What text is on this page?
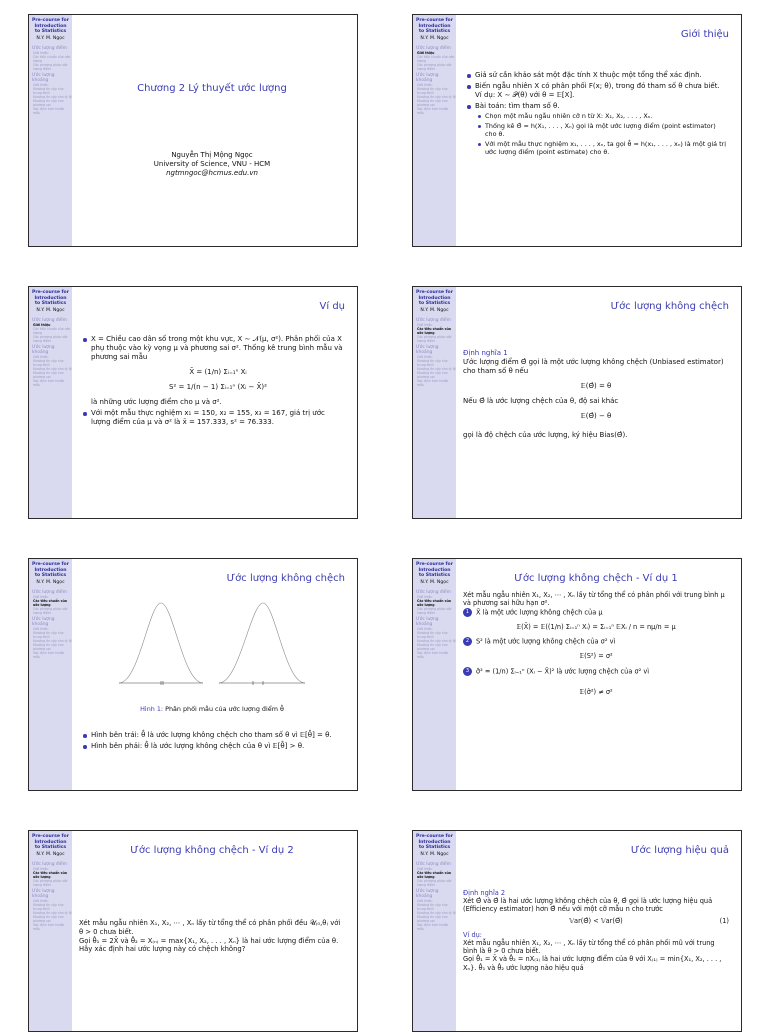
Pre-course for
Introduction
to Statistics
N.Y. M. Ngọc
Ước lượng điểm
Giới thiệu
Các tiêu chuẩn của ước lượng
Các phương pháp ước lượng điểm
Ước lượng khoảng
Giới thiệu
Khoảng tin cậy cho trung bình
Khoảng tin cậy cho tỷ lệ
Khoảng tin cậy cho phương sai
Xác định kích thước mẫu
Chương 2 Lý thuyết ước lượng
Nguyễn Thị Mộng Ngọc
University of Science, VNU - HCM
ngtmngoc@hcmus.edu.vn
Pre-course for
Introduction
to Statistics
N.Y. M. Ngọc
Ước lượng điểm
Giới thiệu
Các tiêu chuẩn của ước lượng
Các phương pháp ước lượng điểm
Ước lượng khoảng
Giới thiệu
Khoảng tin cậy cho trung bình
Khoảng tin cậy cho tỷ lệ
Khoảng tin cậy cho phương sai
Xác định kích thước mẫu
Giới thiệu
Giả sử cần khảo sát một đặc tính X thuộc một tổng thể xác định.
Biến ngẫu nhiên X có phân phối F(x; θ), trong đó tham số θ chưa biết.
Ví dụ: X ∼ 𝒫(θ) với θ = 𝔼[X].
Bài toán: tìm tham số θ.
Chọn một mẫu ngẫu nhiên cỡ n từ X: X₁, X₂, . . . , Xₙ.
Thống kê Θ̂ = h(X₁, . . . , Xₙ) gọi là một ước lượng điểm (point estimator) cho θ.
Với một mẫu thực nghiệm x₁, . . . , xₙ, ta gọi θ̂ = h(x₁, . . . , xₙ) là một giá trị ước lượng điểm (point estimate) cho θ.
Pre-course for
Introduction
to Statistics
N.Y. M. Ngọc
Ước lượng điểm
Giới thiệu
Các tiêu chuẩn của ước lượng
Các phương pháp ước lượng điểm
Ước lượng khoảng
Giới thiệu
Khoảng tin cậy cho trung bình
Khoảng tin cậy cho tỷ lệ
Khoảng tin cậy cho phương sai
Xác định kích thước mẫu
Ví dụ
X = Chiều cao dân số trong một khu vực, X ∼ 𝒩(μ, σ²). Phân phối của X phụ thuộc vào kỳ vọng μ và phương sai σ². Thống kê trung bình mẫu và phương sai mẫu
X̄ = (1/n) Σᵢ₌₁ⁿ Xᵢ
S² = 1/(n − 1) Σᵢ₌₁ⁿ (Xᵢ − X̄)²
là những ước lượng điểm cho μ và σ².
Với một mẫu thực nghiệm x₁ = 150, x₂ = 155, x₃ = 167, giá trị ước lượng điểm của μ và σ² là x̄ = 157.333, s² = 76.333.
Pre-course for
Introduction
to Statistics
N.Y. M. Ngọc
Ước lượng điểm
Giới thiệu
Các tiêu chuẩn của ước lượng
Các phương pháp ước lượng điểm
Ước lượng khoảng
Giới thiệu
Khoảng tin cậy cho trung bình
Khoảng tin cậy cho tỷ lệ
Khoảng tin cậy cho phương sai
Xác định kích thước mẫu
Ước lượng không chệch
Định nghĩa 1
Ước lượng điểm Θ̂ gọi là một ước lượng không chệch (Unbiased estimator) cho tham số θ nếu
𝔼(Θ̂) = θ
Nếu Θ̂ là ước lượng chệch của θ, độ sai khác
𝔼(Θ̂) − θ
gọi là độ chệch của ước lượng, ký hiệu Bias(Θ̂).
Pre-course for
Introduction
to Statistics
N.Y. M. Ngọc
Ước lượng điểm
Giới thiệu
Các tiêu chuẩn của ước lượng
Các phương pháp ước lượng điểm
Ước lượng khoảng
Giới thiệu
Khoảng tin cậy cho trung bình
Khoảng tin cậy cho tỷ lệ
Khoảng tin cậy cho phương sai
Xác định kích thước mẫu
Ước lượng không chệch
Hình 1: Phân phối mẫu của ước lượng điểm θ̂
Hình bên trái: θ̂ là ước lượng không chệch cho tham số θ vì 𝔼[θ̂] = θ.
Hình bên phải: θ̂ là ước lượng không chệch của θ vì 𝔼[θ̂] > θ.
Pre-course for
Introduction
to Statistics
N.Y. M. Ngọc
Ước lượng điểm
Giới thiệu
Các tiêu chuẩn của ước lượng
Các phương pháp ước lượng điểm
Ước lượng khoảng
Giới thiệu
Khoảng tin cậy cho trung bình
Khoảng tin cậy cho tỷ lệ
Khoảng tin cậy cho phương sai
Xác định kích thước mẫu
Ước lượng không chệch - Ví dụ 1
Xét mẫu ngẫu nhiên X₁, X₂, ⋯ , Xₙ lấy từ tổng thể có phân phối với trung bình μ và phương sai hữu hạn σ².
1 X̄ là một ước lượng không chệch của μ
𝔼(X̄) = 𝔼((1/n) Σᵢ₌₁ⁿ Xᵢ) = Σᵢ₌₁ⁿ 𝔼Xᵢ / n = nμ/n = μ
2 S² là một ước lượng không chệch của σ² vì
𝔼(S²) = σ²
3 σ̂² = (1/n) Σᵢ₌₁ⁿ (Xᵢ − X̄)² là ước lượng chệch của σ² vì
𝔼(σ̂²) ≠ σ²
Pre-course for
Introduction
to Statistics
N.Y. M. Ngọc
Ước lượng điểm
Giới thiệu
Các tiêu chuẩn của ước lượng
Các phương pháp ước lượng điểm
Ước lượng khoảng
Giới thiệu
Khoảng tin cậy cho trung bình
Khoảng tin cậy cho tỷ lệ
Khoảng tin cậy cho phương sai
Xác định kích thước mẫu
Ước lượng không chệch - Ví dụ 2
Xét mẫu ngẫu nhiên X₁, X₂, ⋯ , Xₙ lấy từ tổng thể có phân phối đều 𝒰₍₀,θ₎ với θ > 0 chưa biết.
Gọi θ̂₁ = 2X̄ và θ̂₂ = X₍ₙ₎ = max{X₁, X₂, . . . , Xₙ} là hai ước lượng điểm của θ. Hãy xác định hai ước lượng này có chệch không?
Pre-course for
Introduction
to Statistics
N.Y. M. Ngọc
Ước lượng điểm
Giới thiệu
Các tiêu chuẩn của ước lượng
Các phương pháp ước lượng điểm
Ước lượng khoảng
Giới thiệu
Khoảng tin cậy cho trung bình
Khoảng tin cậy cho tỷ lệ
Khoảng tin cậy cho phương sai
Xác định kích thước mẫu
Ước lượng hiệu quả
Định nghĩa 2
Xét Θ̂ và Θ̃ là hai ước lượng không chệch của θ, Θ̂ gọi là ước lượng hiệu quả (Efficiency estimator) hơn Θ̃ nếu với một cỡ mẫu n cho trước
𝕍ar(Θ̂) < 𝕍ar(Θ̃)	(1)
Ví dụ:
Xét mẫu ngẫu nhiên X₁, X₂, ⋯ , Xₙ lấy từ tổng thể có phân phối mũ với trung bình là θ > 0 chưa biết.
Gọi θ̂₁ = X̄ và θ̂₂ = nX₍₁₎ là hai ước lượng điểm của θ với X₍₁₎ = min{X₁, X₂, . . . , Xₙ}. θ̂₁ và θ̂₂ ước lượng nào hiệu quả
